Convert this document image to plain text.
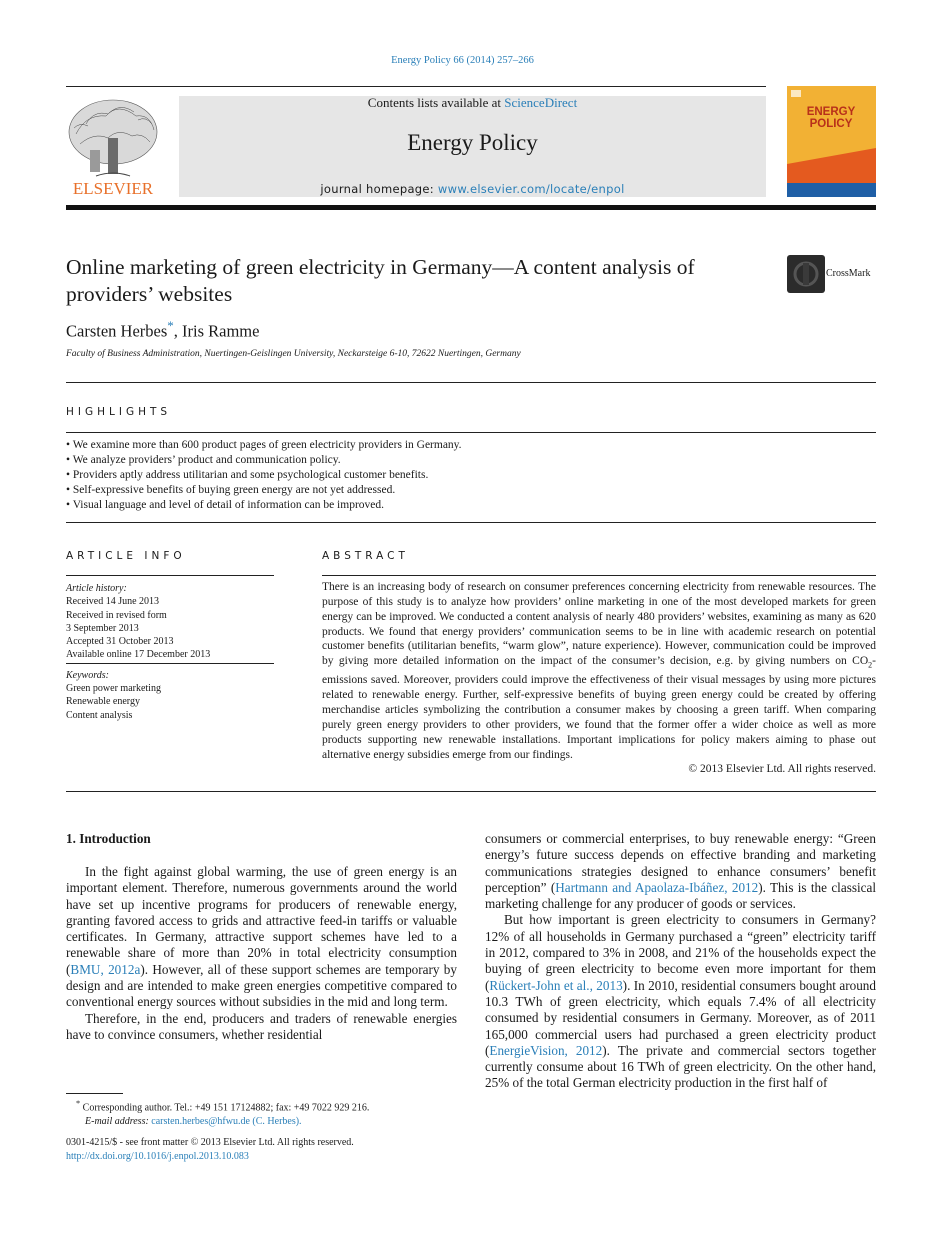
Energy Policy 66 (2014) 257–266
ELSEVIER
Contents lists available at ScienceDirect
Energy Policy
journal homepage: www.elsevier.com/locate/enpol
ENERGY
POLICY
Online marketing of green electricity in Germany—A content analysis of providers’ websites
CrossMark
Carsten Herbes*, Iris Ramme
Faculty of Business Administration, Nuertingen-Geislingen University, Neckarsteige 6-10, 72622 Nuertingen, Germany
HIGHLIGHTS
• We examine more than 600 product pages of green electricity providers in Germany.
• We analyze providers’ product and communication policy.
• Providers aptly address utilitarian and some psychological customer benefits.
• Self-expressive benefits of buying green energy are not yet addressed.
• Visual language and level of detail of information can be improved.
ARTICLE INFO
Article history:
Received 14 June 2013
Received in revised form
3 September 2013
Accepted 31 October 2013
Available online 17 December 2013
Keywords:
Green power marketing
Renewable energy
Content analysis
ABSTRACT

There is an increasing body of research on consumer preferences concerning electricity from renewable resources. The purpose of this study is to analyze how providers’ online marketing in one of the most developed markets for green energy can be improved. We conducted a content analysis of nearly 480 providers’ websites, examining as many as 620 products. We found that energy providers’ communication seems to be in line with academic research on potential customer benefits (utilitarian benefits, “warm glow”, nature experience). However, communication could be improved by giving more detailed information on the impact of the consumer’s decision, e.g. by giving numbers on $CO_2$-emissions saved. Moreover, providers could improve the effectiveness of their visual messages by using more pictures related to renewable energy. Further, self-expressive benefits of buying green energy could be created by offering merchandise articles symbolizing the contribution a consumer makes by choosing a green tariff. When comparing purely green energy providers to other providers, we found that the former offer a wider choice as well as more products supporting new renewable installations. Important implications for policy makers aiming to phase out alternative energy subsidies emerge from our findings.

© 2013 Elsevier Ltd. All rights reserved.

1. Introduction

In the fight against global warming, the use of green energy is an important element. Therefore, numerous governments around the world have set up incentive programs for producers of renewable energy, granting favored access to grids and attractive feed-in tariffs or valuable certificates. In Germany, attractive support schemes have led to a renewable share of more than 20% in total electricity consumption (BMU, 2012a). However, all of these support schemes are temporary by design and are intended to make green energies competitive compared to conventional energy sources without subsidies in the mid and long term.

Therefore, in the end, producers and traders of renewable energies have to convince consumers, whether residential

consumers or commercial enterprises, to buy renewable energy: “Green energy’s future success depends on effective branding and marketing communications strategies designed to enhance consumers’ benefit perception” (Hartmann and Apaolaza-Ibáñez, 2012). This is the classical marketing challenge for any producer of goods or services.

But how important is green electricity to consumers in Germany? 12% of all households in Germany purchased a “green” electricity tariff in 2012, compared to 3% in 2008, and 21% of the households expect the buying of green electricity to become even more important for them (Rückert-John et al., 2013). In 2010, residential consumers bought around 10.3 TWh of green electricity, which equals 7.4% of all electricity consumed by residential consumers in Germany. Moreover, as of 2011 165,000 commercial users had purchased a green electricity product (EnergieVision, 2012). The private and commercial sectors together currently consume about 16 TWh of green electricity. On the other hand, 25% of the total German electricity production in the first half of

* Corresponding author. Tel.: +49 151 17124882; fax: +49 7022 929 216.
E-mail address: carsten.herbes@hfwu.de (C. Herbes).
0301-4215/$ - see front matter © 2013 Elsevier Ltd. All rights reserved.
http://dx.doi.org/10.1016/j.enpol.2013.10.083
